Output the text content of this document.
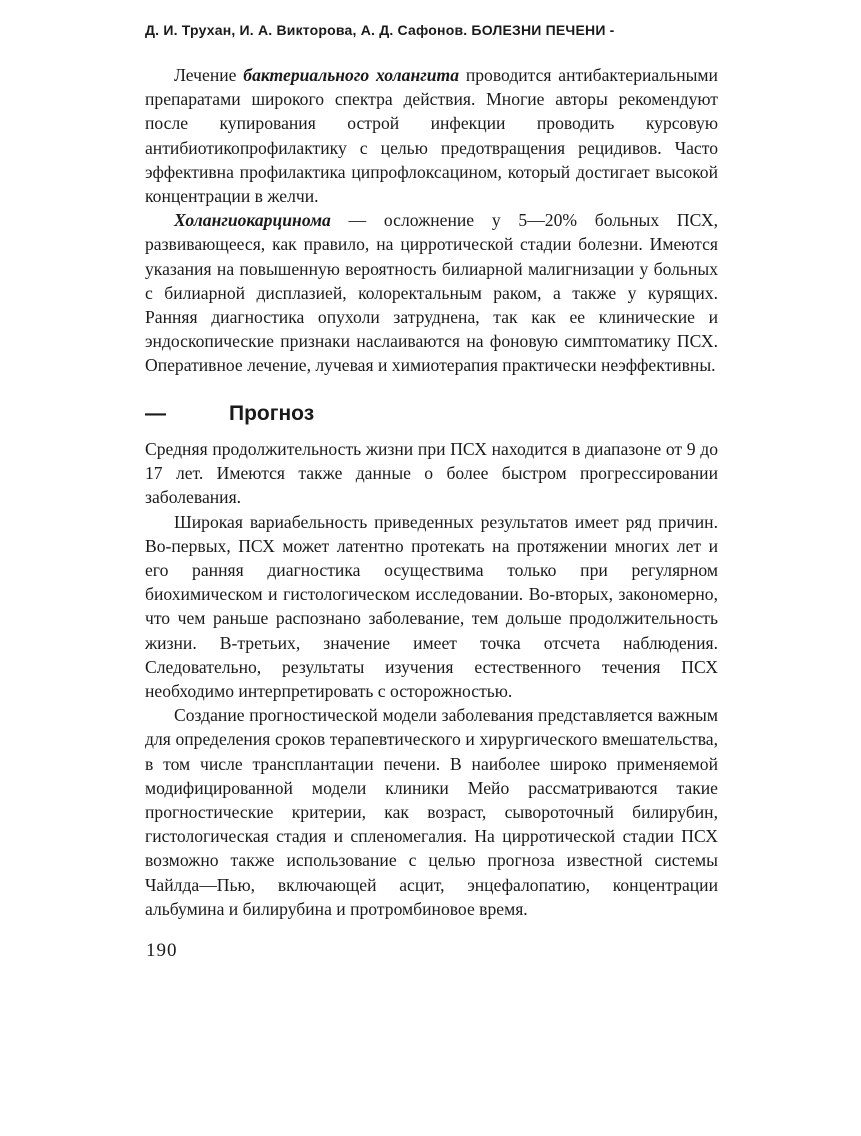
Д. И. Трухан, И. А. Викторова, А. Д. Сафонов. БОЛЕЗНИ ПЕЧЕНИ -

Лечение бактериального холангита проводится антибактериальными препаратами широкого спектра действия. Многие авторы рекомендуют после купирования острой инфекции проводить курсовую антибиотикопрофилактику с целью предотвращения рецидивов. Часто эффективна профилактика ципрофлоксацином, который достигает высокой концентрации в желчи.

Холангиокарцинома — осложнение у 5—20% больных ПСХ, развивающееся, как правило, на цирротической стадии болезни. Имеются указания на повышенную вероятность билиарной малигнизации у больных с билиарной дисплазией, колоректальным раком, а также у курящих. Ранняя диагностика опухоли затруднена, так как ее клинические и эндоскопические признаки наслаиваются на фоновую симптоматику ПСХ. Оперативное лечение, лучевая и химиотерапия практически неэффективны.

—	Прогноз

Средняя продолжительность жизни при ПСХ находится в диапазоне от 9 до 17 лет. Имеются также данные о более быстром прогрессировании заболевания.

Широкая вариабельность приведенных результатов имеет ряд причин. Во-первых, ПСХ может латентно протекать на протяжении многих лет и его ранняя диагностика осуществима только при регулярном биохимическом и гистологическом исследовании. Во-вторых, закономерно, что чем раньше распознано заболевание, тем дольше продолжительность жизни. В-третьих, значение имеет точка отсчета наблюдения. Следовательно, результаты изучения естественного течения ПСХ необходимо интерпретировать с осторожностью.

Создание прогностической модели заболевания представляется важным для определения сроков терапевтического и хирургического вмешательства, в том числе трансплантации печени. В наиболее широко применяемой модифицированной модели клиники Мейо рассматриваются такие прогностические критерии, как возраст, сывороточный билирубин, гистологическая стадия и спленомегалия. На цирротической стадии ПСХ возможно также использование с целью прогноза известной системы Чайлда—Пью, включающей асцит, энцефалопатию, концентрации альбумина и билирубина и протромбиновое время.

190
